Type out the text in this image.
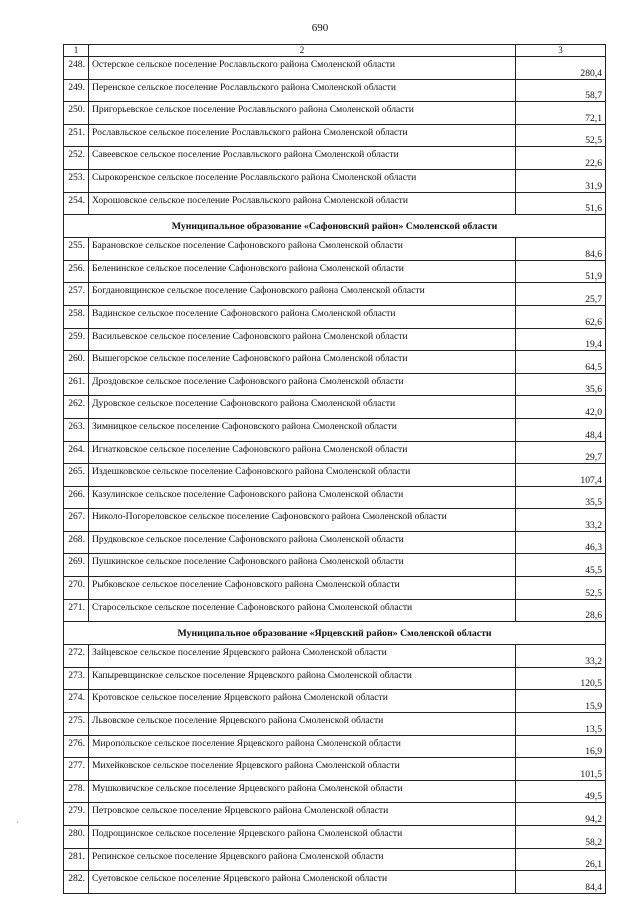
690
1	2	3
248.	Остерское сельское поселение Рославльского района Смоленской области	280,4
249.	Перенское сельское поселение Рославльского района Смоленской области	58,7
250.	Пригорьевское сельское поселение Рославльского района Смоленской области	72,1
251.	Рославльское сельское поселение Рославльского района Смоленской области	52,5
252.	Савеевское сельское поселение Рославльского района Смоленской области	22,6
253.	Сырокоренское сельское поселение Рославльского района Смоленской области	31,9
254.	Хорошовское сельское поселение Рославльского района Смоленской области	51,6
Муниципальное образование «Сафоновский район» Смоленской области		
255.	Барановское сельское поселение Сафоновского района Смоленской области	84,6
256.	Беленинское сельское поселение Сафоновского района Смоленской области	51,9
257.	Богдановщинское сельское поселение Сафоновского района Смоленской области	25,7
258.	Вадинское сельское поселение Сафоновского района Смоленской области	62,6
259.	Васильевское сельское поселение Сафоновского района Смоленской области	19,4
260.	Вышегорское сельское поселение Сафоновского района Смоленской области	64,5
261.	Дроздовское сельское поселение Сафоновского района Смоленской области	35,6
262.	Дуровское сельское поселение Сафоновского района Смоленской области	42,0
263.	Зимницкое сельское поселение Сафоновского района Смоленской области	48,4
264.	Игнатковское сельское поселение Сафоновского района Смоленской области	29,7
265.	Издешковское сельское поселение Сафоновского района Смоленской области	107,4
266.	Казулинское сельское поселение Сафоновского района Смоленской области	35,5
267.	Николо-Погореловское сельское поселение Сафоновского района Смоленской области	33,2
268.	Прудковское сельское поселение Сафоновского района Смоленской области	46,3
269.	Пушкинское сельское поселение Сафоновского района Смоленской области	45,5
270.	Рыбковское сельское поселение Сафоновского района Смоленской области	52,5
271.	Старосельское сельское поселение Сафоновского района Смоленской области	28,6
Муниципальное образование «Ярцевский район» Смоленской области		
272.	Зайцевское сельское поселение Ярцевского района Смоленской области	33,2
273.	Капыревщинское сельское поселение Ярцевского района Смоленской области	120,5
274.	Кротовское сельское поселение Ярцевского района Смоленской области	15,9
275.	Львовское сельское поселение Ярцевского района Смоленской области	13,5
276.	Миропольское сельское поселение Ярцевского района Смоленской области	16,9
277.	Михейковское сельское поселение Ярцевского района Смоленской области	101,5
278.	Мушковичское сельское поселение Ярцевского района Смоленской области	49,5
279.	Петровское сельское поселение Ярцевского района Смоленской области	94,2
280.	Подрощинское сельское поселение Ярцевского района Смоленской области	58,2
281.	Репинское сельское поселение Ярцевского района Смоленской области	26,1
282.	Суетовское сельское поселение Ярцевского района Смоленской области	84,4
·
